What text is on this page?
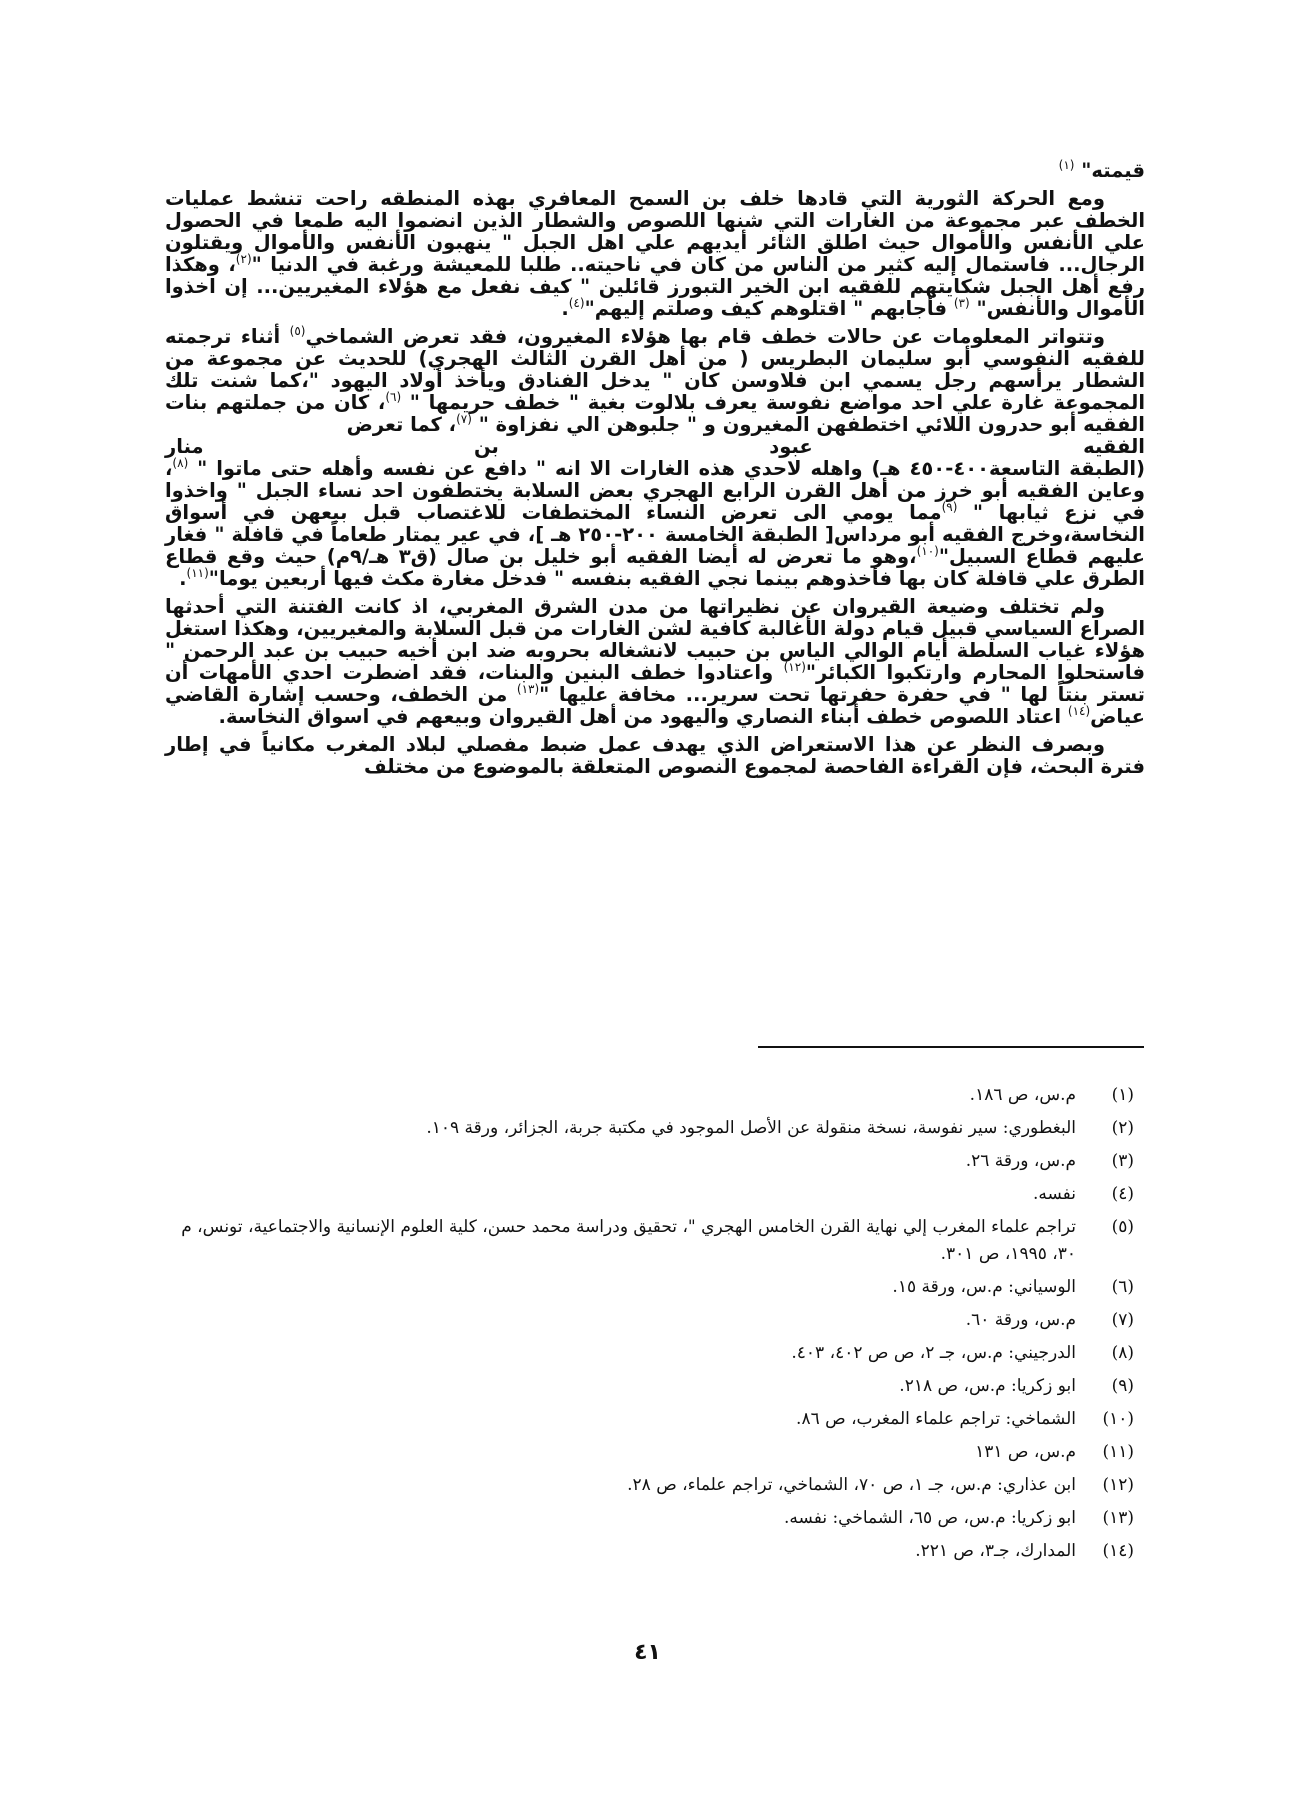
قيمته" $^{(١)}$

ومع الحركة الثورية التي قادها خلف بن السمح المعافري بهذه المنطقه راحت تنشط عمليات الخطف عبر مجموعة من الغارات التي شنها اللصوص والشطار الذين انضموا اليه طمعا في الحصول علي الأنفس والأموال حيث اطلق الثائر أيديهم علي اهل الجبل " ينهبون الأنفس والأموال ويقتلون الرجال... فاستمال إليه كثير من الناس من كان في ناحيته.. طلبا للمعيشة ورغبة في الدنيا "$^{(٢)}$، وهكذا رفع أهل الجبل شكايتهم للفقيه ابن الخير التبورز قائلين " كيف نفعل مع هؤلاء المغيريين... إن اخذوا الأموال والأنفس" $^{(٣)}$ فأجابهم " اقتلوهم كيف وصلتم إليهم"$^{(٤)}$.

وتتواتر المعلومات عن حالات خطف قام بها هؤلاء المغيرون، فقد تعرض الشماخي$^{(٥)}$ أثناء ترجمته للفقيه النفوسي أبو سليمان البطريس ( من أهل القرن الثالث الهجري) للحديث عن مجموعة من الشطار يرأسهم رجل يسمي ابن فلاوسن كان " يدخل الفنادق ويأخذ أولاد اليهود "،كما شنت تلك المجموعة غارة علي احد مواضع نفوسة يعرف بلالوت بغية " خطف حريمها " $^{(٦)}$، كان من جملتهم بنات الفقيه أبو حدرون اللائي اختطفهن المغيرون و " جلبوهن الي نفزاوة " $^{(٧)}$، كما تعرض

الفقيه
عبود
بن
منار

(الطبقة التاسعة٤٠٠-٤٥٠ هـ) واهله لاحدي هذه الغارات الا انه " دافع عن نفسه وأهله حتى ماتوا " $^{(٨)}$، وعاين الفقيه أبو خرز من أهل القرن الرابع الهجري بعض السلابة يختطفون احد نساء الجبل " واخذوا في نزع ثيابها " $^{(٩)}$مما يومي الى تعرض النساء المختطفات للاغتصاب قبل بيعهن في أسواق النخاسة،وخرج الفقيه أبو مرداس[ الطبقة الخامسة ٢٠٠-٢٥٠ هـ ]، في عير يمتار طعاماً في قافلة " فغار عليهم قطاع السبيل"$^{(١٠)}$،وهو ما تعرض له أيضا الفقيه أبو خليل بن صال (ق٣ هـ/٩م) حيث وقع قطاع الطرق علي قافلة كان بها فأخذوهم بينما نجي الفقيه بنفسه " فدخل مغارة مكث فيها أربعين يوما"$^{(١١)}$.

ولم تختلف وضيعة القيروان عن نظيراتها من مدن الشرق المغربي، اذ كانت الفتنة التي أحدثها الصراع السياسي قبيل قيام دولة الأغالبة كافية لشن الغارات من قبل السلابة والمغيريين، وهكذا استغل هؤلاء غياب السلطة أيام الوالي الياس بن حبيب لانشغاله بحروبه ضد ابن أخيه حبيب بن عبد الرحمن " فاستحلوا المحارم وارتكبوا الكبائر"$^{(١٢)}$ واعتادوا خطف البنين والبنات، فقد اضطرت احدي الأمهات أن تستر بنتاً لها " في حفرة حفرتها تحت سرير... مخافة عليها "$^{(١٣)}$ من الخطف، وحسب إشارة القاضي عياض$^{(١٤)}$ اعتاد اللصوص خطف أبناء النصاري واليهود من أهل القيروان وبيعهم في اسواق النخاسة.

وبصرف النظر عن هذا الاستعراض الذي يهدف عمل ضبط مفصلي لبلاد المغرب مكانياً في إطار فترة البحث، فإن القراءة الفاحصة لمجموع النصوص المتعلقة بالموضوع من مختلف

(١)
م.س، ص ١٨٦.
(٢)
البغطوري: سير نفوسة، نسخة منقولة عن الأصل الموجود في مكتبة جربة، الجزائر، ورقة ١٠٩.
(٣)
م.س، ورقة ٢٦.
(٤)
نفسه.
(٥)
تراجم علماء المغرب إلي نهاية القرن الخامس الهجري "، تحقيق ودراسة محمد حسن، كلية العلوم الإنسانية والاجتماعية، تونس، م ٣٠، ١٩٩٥، ص ٣٠١.
(٦)
الوسياني: م.س، ورقة ١٥.
(٧)
م.س، ورقة ٦٠.
(٨)
الدرجيني: م.س، جـ ٢، ص ص ٤٠٢، ٤٠٣.
(٩)
ابو زكريا: م.س، ص ٢١٨.
(١٠)
الشماخي: تراجم علماء المغرب، ص ٨٦.
(١١)
م.س، ص ١٣١
(١٢)
ابن عذاري: م.س، جـ ١، ص ٧٠، الشماخي، تراجم علماء، ص ٢٨.
(١٣)
ابو زكريا: م.س، ص ٦٥، الشماخي: نفسه.
(١٤)
المدارك، جـ٣، ص ٢٢١.
٤١
